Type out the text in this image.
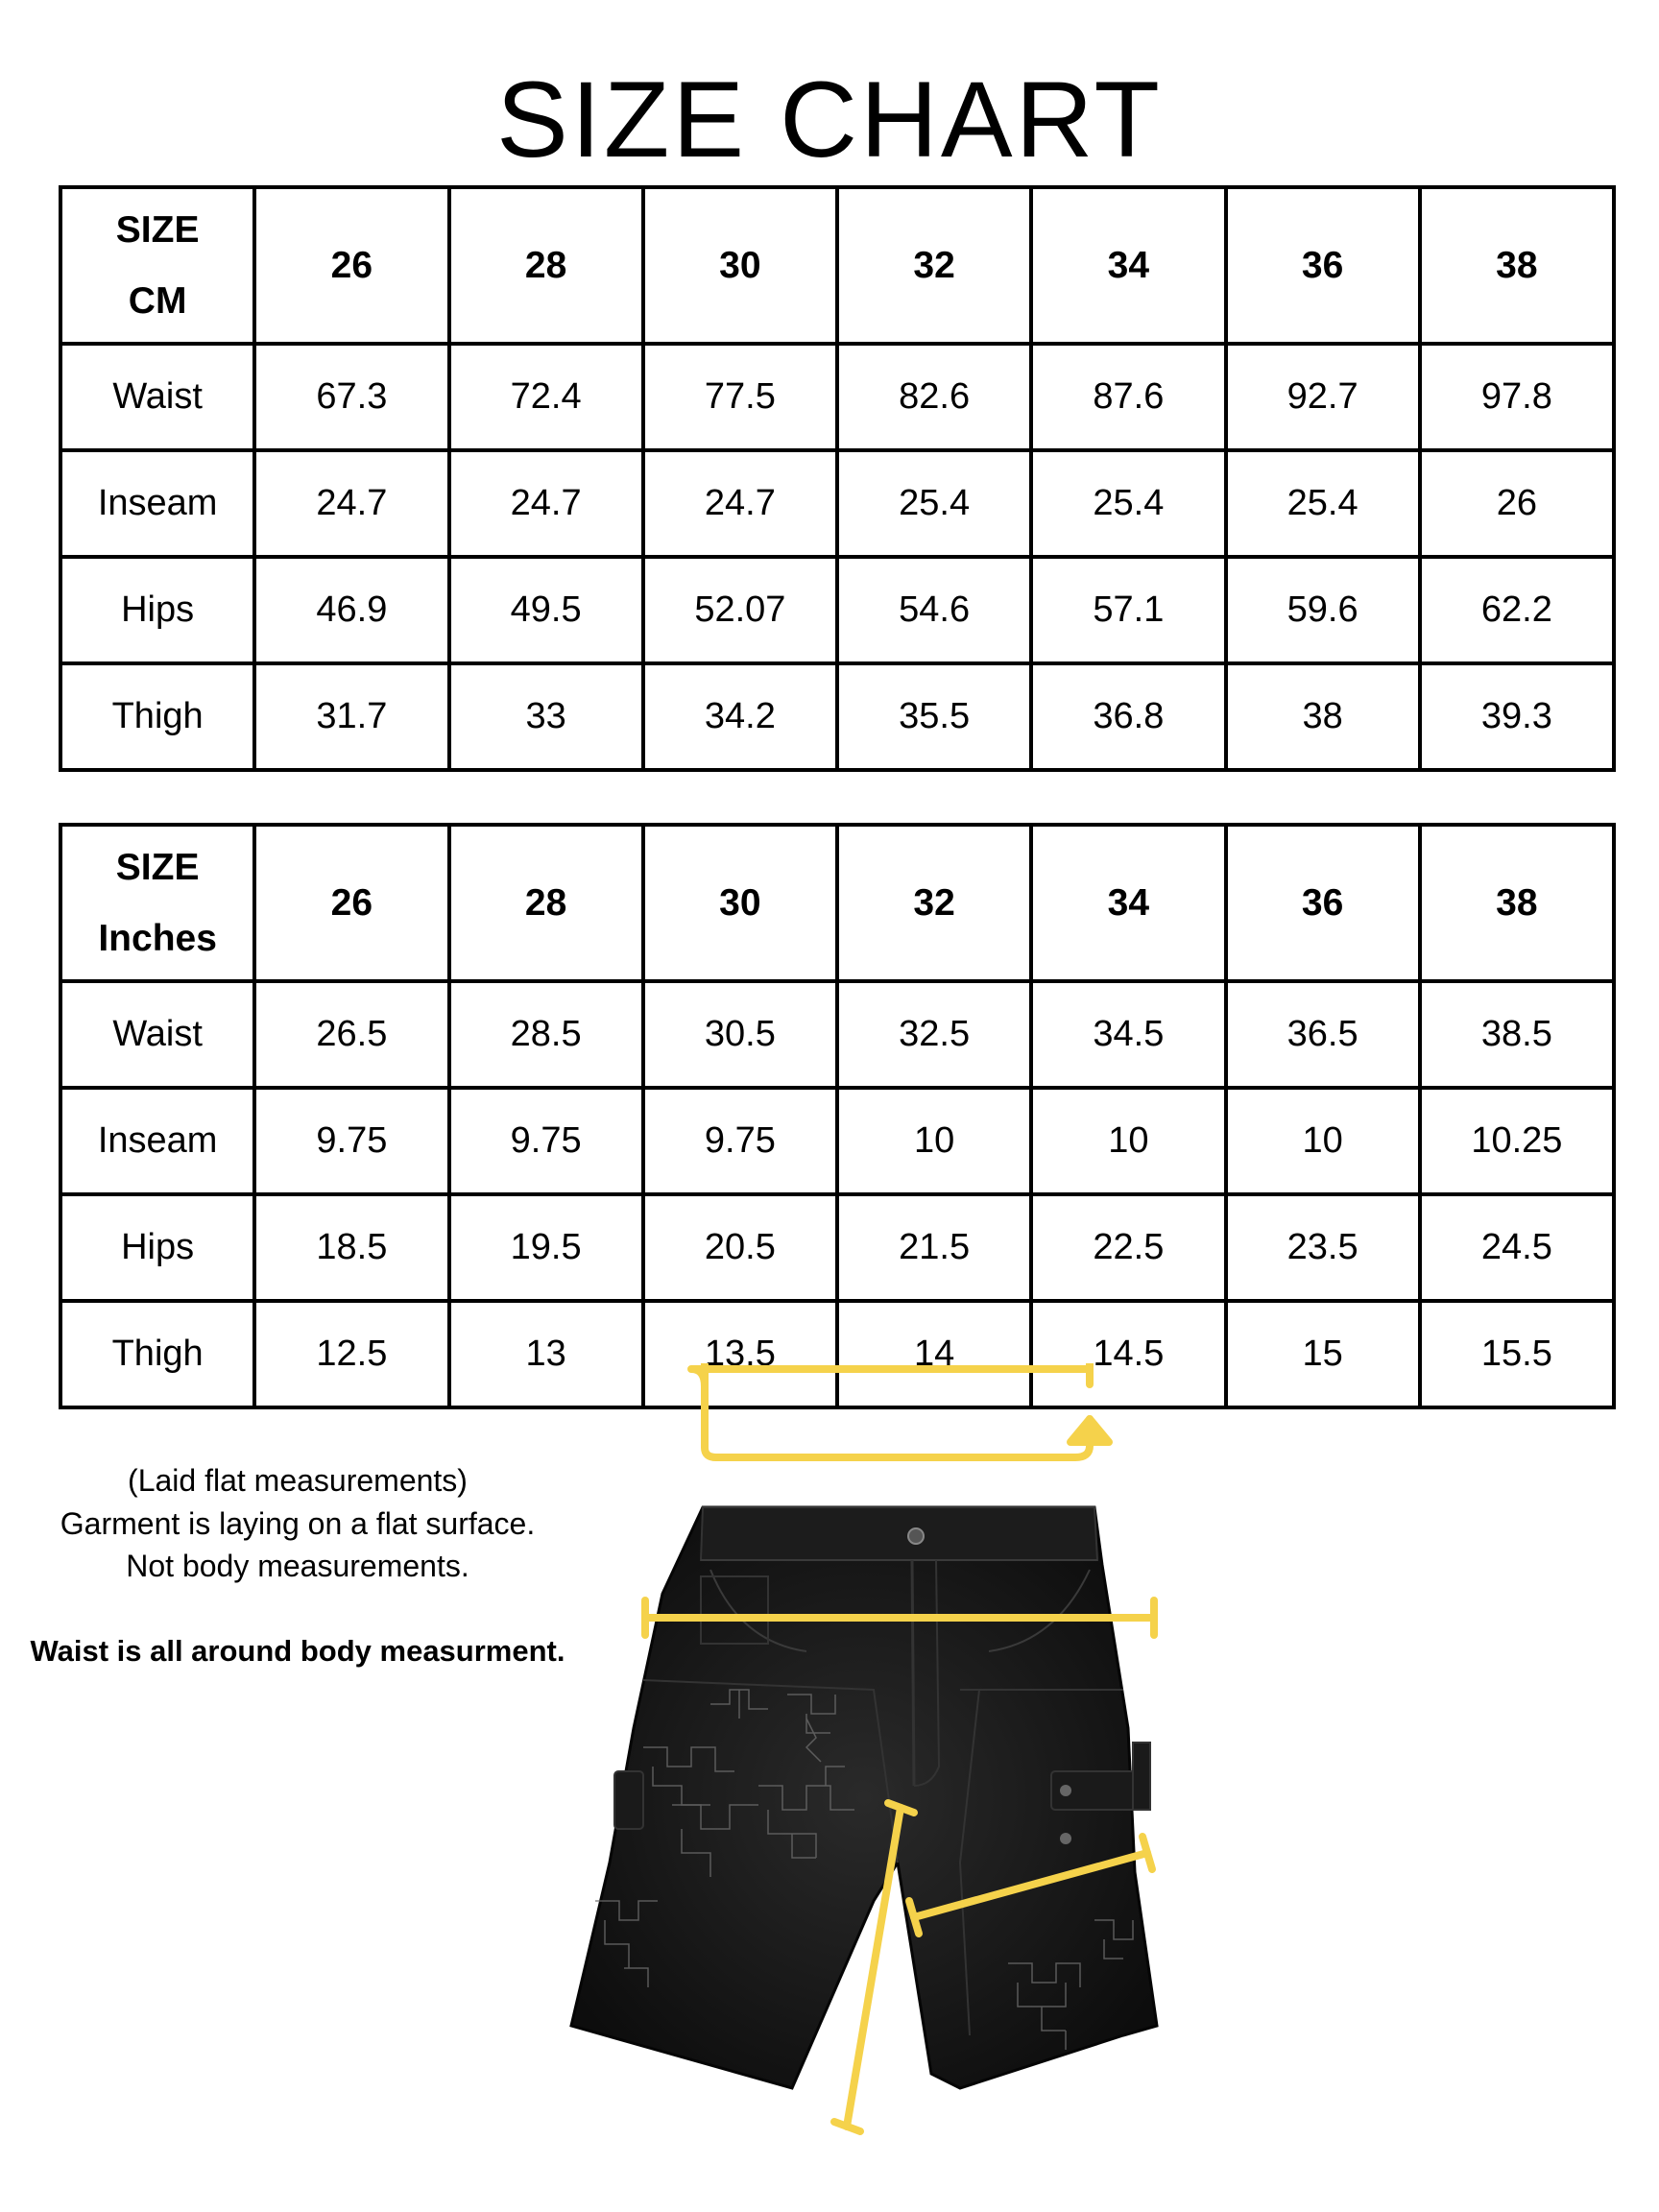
SIZE CHART
SIZE
CM	26	28	30	32	34	36	38
Waist	67.3	72.4	77.5	82.6	87.6	92.7	97.8
Inseam	24.7	24.7	24.7	25.4	25.4	25.4	26
Hips	46.9	49.5	52.07	54.6	57.1	59.6	62.2
Thigh	31.7	33	34.2	35.5	36.8	38	39.3
SIZE
Inches	26	28	30	32	34	36	38
Waist	26.5	28.5	30.5	32.5	34.5	36.5	38.5
Inseam	9.75	9.75	9.75	10	10	10	10.25
Hips	18.5	19.5	20.5	21.5	22.5	23.5	24.5
Thigh	12.5	13	13.5	14	14.5	15	15.5
(Laid flat measurements)
Garment is laying on a flat surface.
Not body measurements.
Waist is all around body measurment.
